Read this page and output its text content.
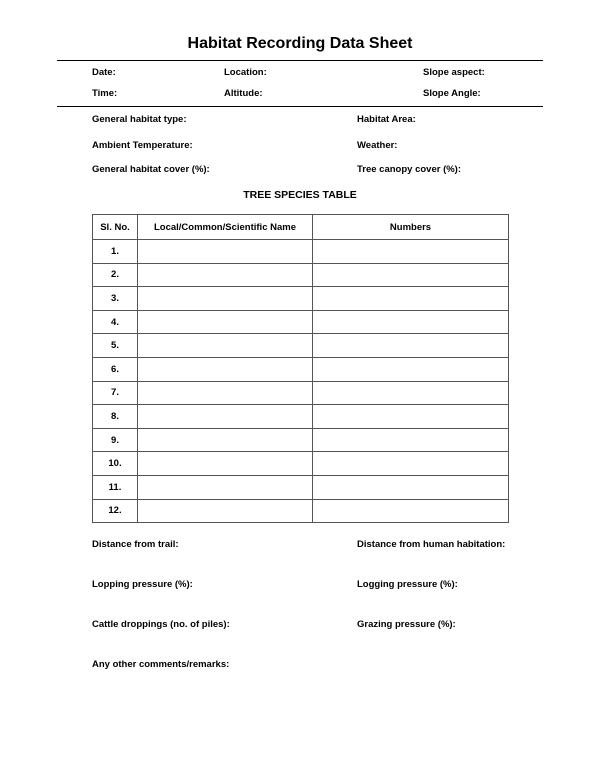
Habitat Recording Data Sheet
Date:	Location:	Slope aspect:
Time:	Altitude:	Slope Angle:
General habitat type:	Habitat Area:
Ambient Temperature:	Weather:
General habitat cover (%):	Tree canopy cover (%):
TREE SPECIES TABLE
Sl. No.	Local/Common/Scientific Name	Numbers
1.		
2.		
3.		
4.		
5.		
6.		
7.		
8.		
9.		
10.		
11.		
12.		
Distance from trail:	Distance from human habitation:
Lopping pressure (%):	Logging pressure (%):
Cattle droppings (no. of piles):	Grazing pressure (%):
Any other comments/remarks:
